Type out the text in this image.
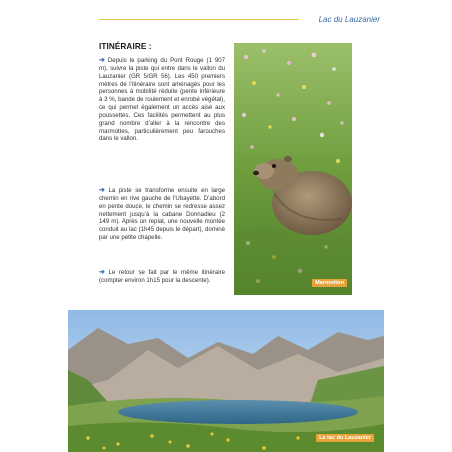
Lac du Lauzanier
ITINÉRAIRE :
➔ Depuis le parking du Pont Rouge (1 907 m), suivre la piste qui entre dans le vallon du Lauzanier (GR 5/GR 56). Les 450 premiers mètres de l’itinéraire sont aménagés pour les personnes à mobilité réduite (pente inférieure à 3 %, bande de roulement et enrobé végétal), ce qui permet également un accès aisé aux poussettes. Ces facilités permettent au plus grand nombre d’aller à la rencontre des marmottes, particulièrement peu farouches dans le vallon.
➔ La piste se transforme ensuite en large chemin en rive gauche de l’Ubayette. D’abord en pente douce, le chemin se redresse assez nettement jusqu’à la cabane Donnadieu (2 149 m). Après un replat, une nouvelle montée conduit au lac (1h45 depuis le départ), dominé par une petite chapelle.
➔ Le retour se fait par le même itinéraire (compter environ 1h15 pour la descente).	Marmotton
Le lac du Lauzanier
